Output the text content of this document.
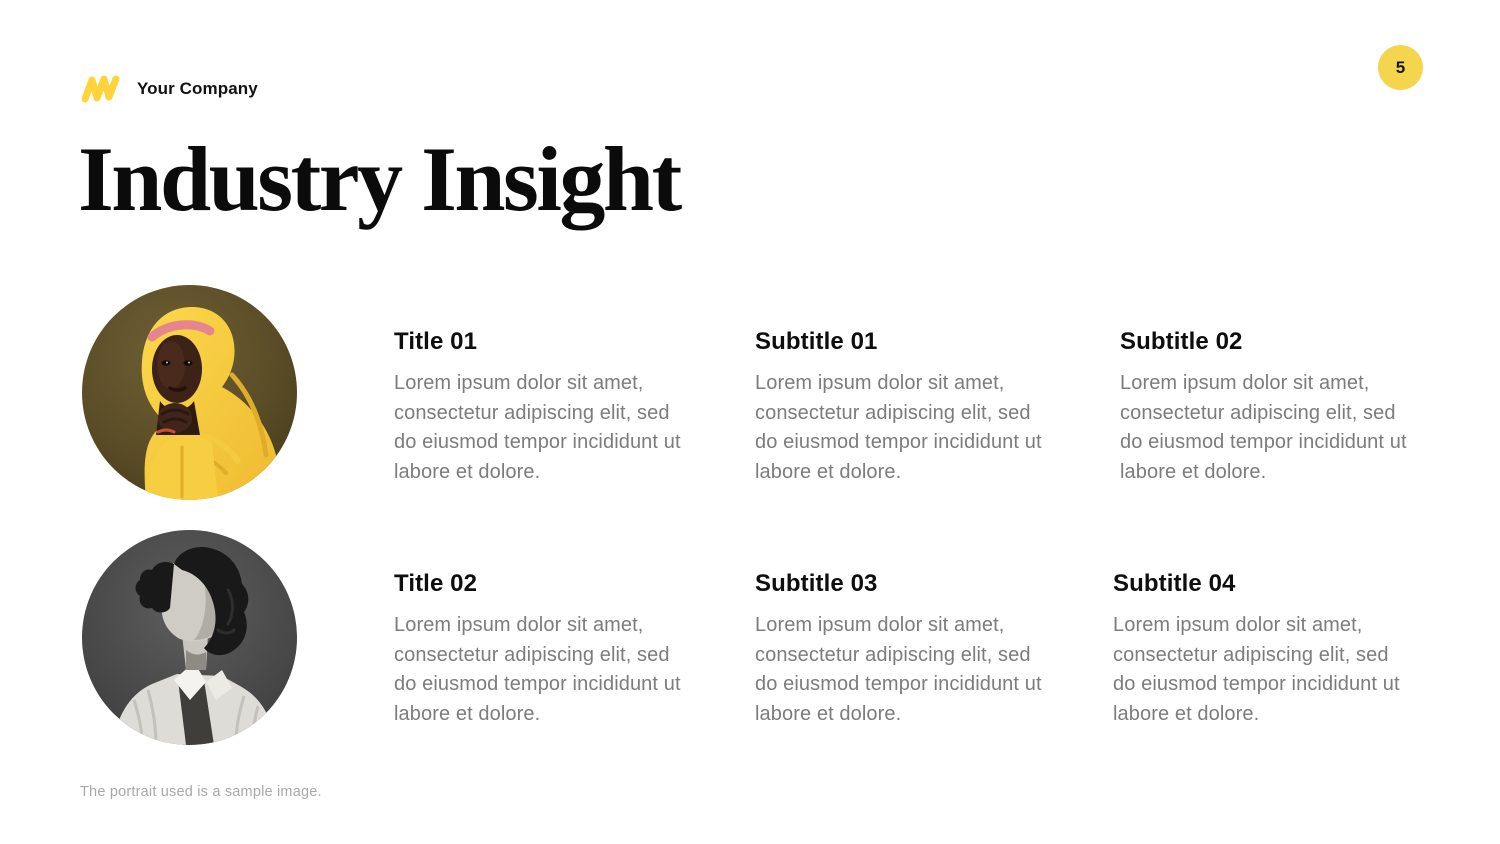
Your Company
5
Industry Insight
Title 01

Lorem ipsum dolor sit amet, consectetur adipiscing elit, sed do eiusmod tempor incididunt ut labore et dolore.

Subtitle 01

Lorem ipsum dolor sit amet, consectetur adipiscing elit, sed do eiusmod tempor incididunt ut labore et dolore.

Subtitle 02

Lorem ipsum dolor sit amet, consectetur adipiscing elit, sed do eiusmod tempor incididunt ut labore et dolore.

Title 02

Lorem ipsum dolor sit amet, consectetur adipiscing elit, sed do eiusmod tempor incididunt ut labore et dolore.

Subtitle 03

Lorem ipsum dolor sit amet, consectetur adipiscing elit, sed do eiusmod tempor incididunt ut labore et dolore.

Subtitle 04

Lorem ipsum dolor sit amet, consectetur adipiscing elit, sed do eiusmod tempor incididunt ut labore et dolore.

The portrait used is a sample image.
